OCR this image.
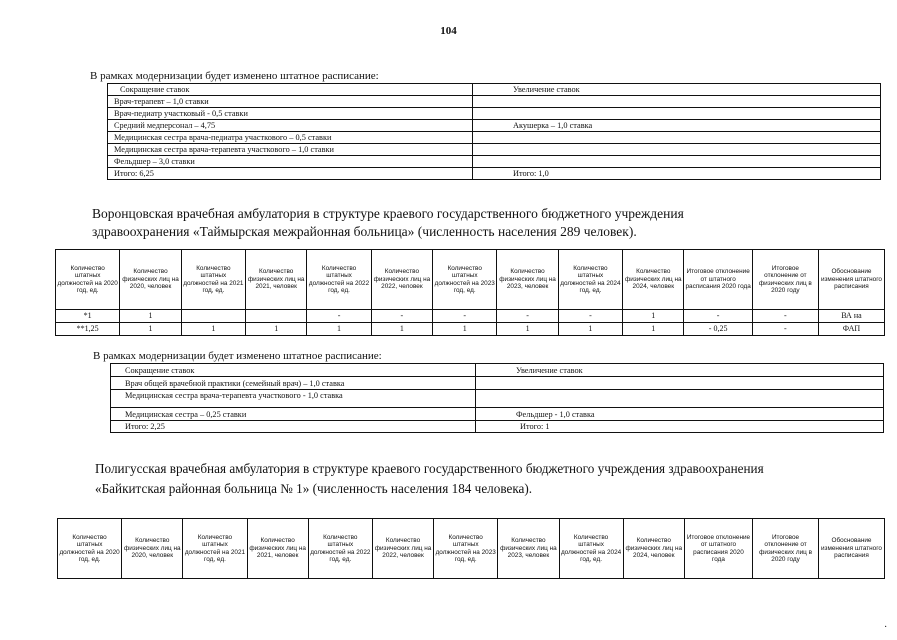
104
В рамках модернизации будет изменено штатное расписание:
Сокращение ставок	Увеличение ставок
Врач-терапевт – 1,0 ставки	
Врач-педиатр участковый - 0,5 ставки	
Средний медперсонал – 4,75	Акушерка – 1,0 ставка
Медицинская сестра врача-педиатра участкового – 0,5 ставки	
Медицинская сестра врача-терапевта участкового – 1,0 ставки	
Фельдшер – 3,0 ставки	
Итого: 6,25	Итого: 1,0
Воронцовская врачебная амбулатория в структуре краевого государственного бюджетного учреждения
здравоохранения «Таймырская межрайонная больница» (численность населения 289 человек).
Количество штатных должностей на 2020 год, ед.	Количество физических лиц на 2020, человек	Количество штатных должностей на 2021 год, ед.	Количество физических лиц на 2021, человек	Количество штатных должностей на 2022 год, ед.	Количество физических лиц на 2022, человек	Количество штатных должностей на 2023 год, ед.	Количество физических лиц на 2023, человек	Количество штатных должностей на 2024 год, ед.	Количество физических лиц на 2024, человек	Итоговое отклонение от штатного расписания 2020 года	Итоговое отклонение от физических лиц в 2020 году	Обоснование изменения штатного расписания
*1	1			-	-	-	-	-	1	-	-	ВА на
**1,25	1	1	1	1	1	1	1	1	1	- 0,25	-	ФАП
В рамках модернизации будет изменено штатное расписание:
Сокращение ставок	Увеличение ставок
Врач общей врачебной практики (семейный врач) – 1,0 ставка	
Медицинская сестра врача-терапевта участкового - 1,0 ставка	
Медицинская сестра – 0,25 ставки	Фельдшер - 1,0 ставка
Итого: 2,25	Итого: 1
Полигусская врачебная амбулатория в структуре краевого государственного бюджетного учреждения здравоохранения
«Байкитская районная больница № 1» (численность населения 184 человека).
Количество штатных должностей на 2020 год, ед.	Количество физических лиц на 2020, человек	Количество штатных должностей на 2021 год, ед.	Количество физических лиц на 2021, человек	Количество штатных должностей на 2022 год, ед.	Количество физических лиц на 2022, человек	Количество штатных должностей на 2023 год, ед.	Количество физических лиц на 2023, человек	Количество штатных должностей на 2024 год, ед.	Количество физических лиц на 2024, человек	Итоговое отклонение от штатного расписания 2020 года	Итоговое отклонение от физических лиц в 2020 году	Обоснование изменения штатного расписания
·
